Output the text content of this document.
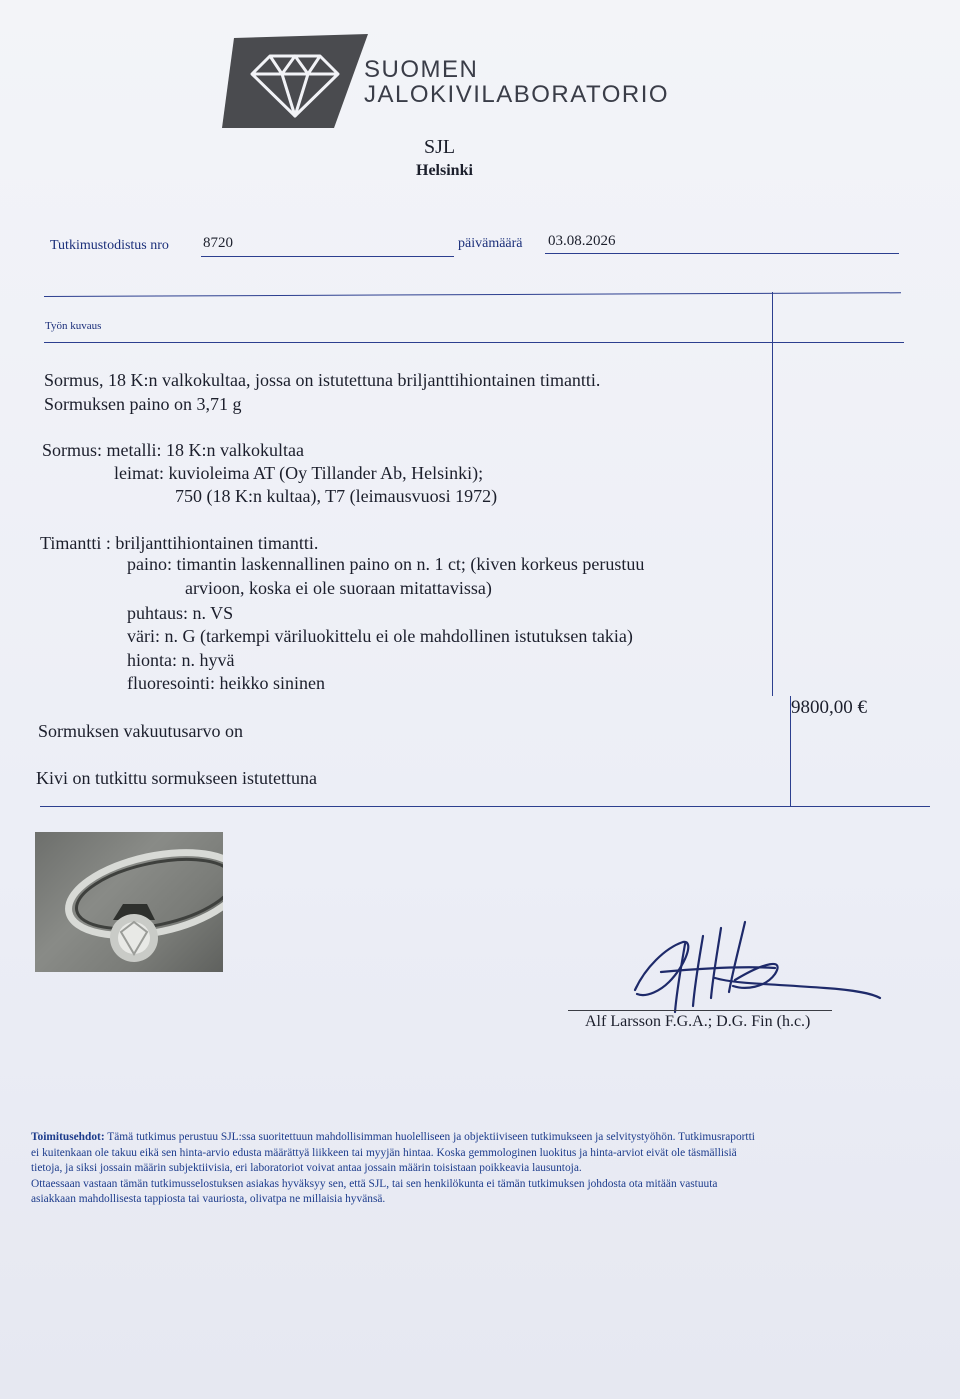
SUOMEN
JALOKIVILABORATORIO
SJL
Helsinki
Tutkimustodistus nro 8720	päivämäärä 03.08.2026
Työn kuvaus
Sormus, 18 K:n valkokultaa, jossa on istutettuna briljanttihiontainen timantti.
Sormuksen paino on 3,71 g
Sormus: metalli: 18 K:n valkokultaa
leimat: kuvioleima AT (Oy Tillander Ab, Helsinki);
750 (18 K:n kultaa), T7 (leimausvuosi 1972)
Timantti : briljanttihiontainen timantti.
paino: timantin laskennallinen paino on n. 1 ct; (kiven korkeus perustuu
arvioon, koska ei ole suoraan mitattavissa)
puhtaus: n. VS
väri: n. G (tarkempi väriluokittelu ei ole mahdollinen istutuksen takia)
hionta: n. hyvä
fluoresointi: heikko sininen
Sormuksen vakuutusarvo on
9800,00 €
Kivi on tutkittu sormukseen istutettuna
Alf Larsson F.G.A.; D.G. Fin (h.c.)
Toimitusehdot: Tämä tutkimus perustuu SJL:ssa suoritettuun mahdollisimman huolelliseen ja objektiiviseen tutkimukseen ja selvitystyöhön. Tutkimusraportti
ei kuitenkaan ole takuu eikä sen hinta-arvio edusta määrättyä liikkeen tai myyjän hintaa. Koska gemmologinen luokitus ja hinta-arviot eivät ole täsmällisiä
tietoja, ja siksi jossain määrin subjektiivisia, eri laboratoriot voivat antaa jossain määrin toisistaan poikkeavia lausuntoja.
Ottaessaan vastaan tämän tutkimusselostuksen asiakas hyväksyy sen, että SJL, tai sen henkilökunta ei tämän tutkimuksen johdosta ota mitään vastuuta
asiakkaan mahdollisesta tappiosta tai vauriosta, olivatpa ne millaisia hyvänsä.
